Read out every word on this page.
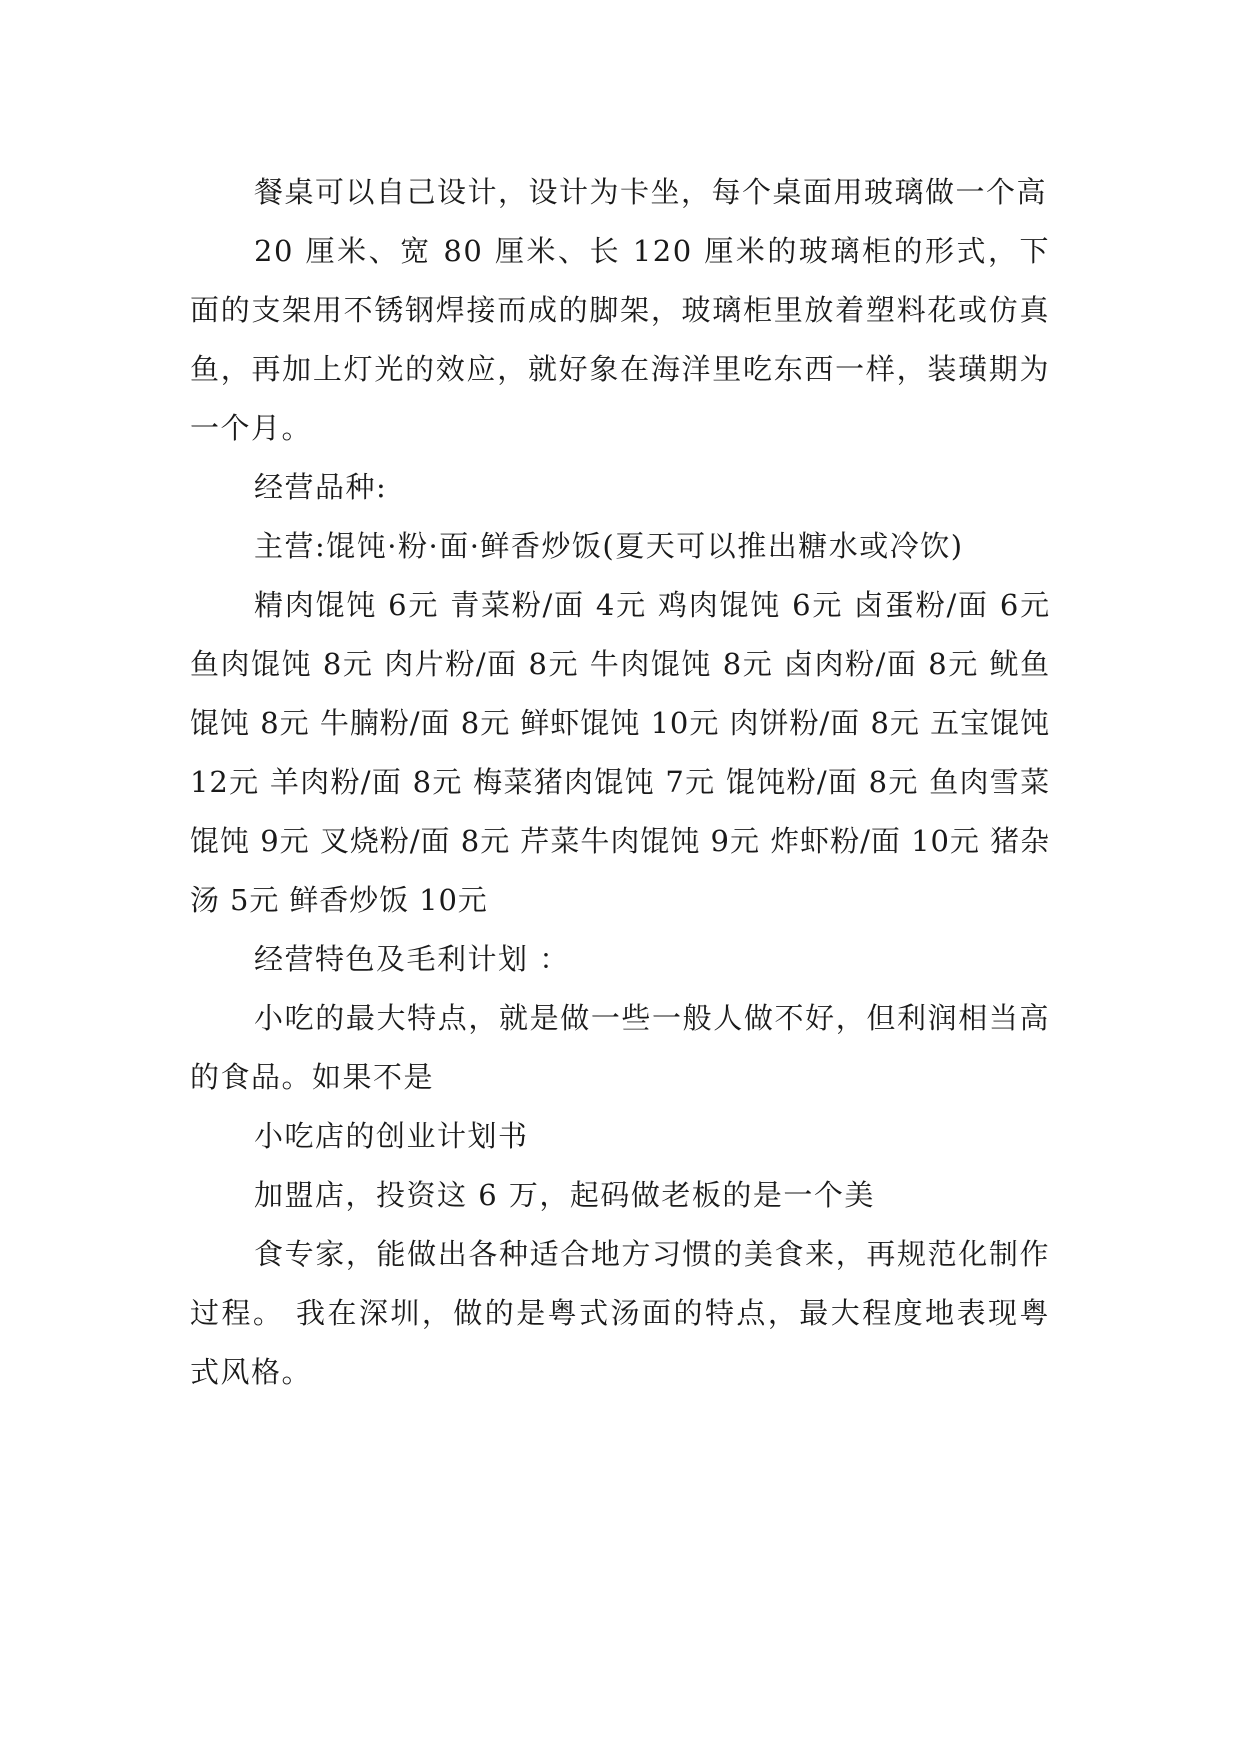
餐桌可以自己设计，设计为卡坐，每个桌面用玻璃做一个高

20 厘米、宽 80 厘米、长 120 厘米的玻璃柜的形式，下面的支架用不锈钢焊接而成的脚架，玻璃柜里放着塑料花或仿真鱼，再加上灯光的效应，就好象在海洋里吃东西一样，装璜期为一个月。

经营品种:

主营:馄饨·粉·面·鲜香炒饭(夏天可以推出糖水或冷饮)

精肉馄饨 6元 青菜粉/面 4元 鸡肉馄饨 6元 卤蛋粉/面 6元 鱼肉馄饨 8元 肉片粉/面 8元 牛肉馄饨 8元 卤肉粉/面 8元 鱿鱼馄饨 8元 牛腩粉/面 8元 鲜虾馄饨 10元 肉饼粉/面 8元 五宝馄饨 12元 羊肉粉/面 8元 梅菜猪肉馄饨 7元 馄饨粉/面 8元 鱼肉雪菜馄饨 9元 叉烧粉/面 8元 芹菜牛肉馄饨 9元 炸虾粉/面 10元 猪杂汤 5元 鲜香炒饭 10元

经营特色及毛利计划 ：

小吃的最大特点，就是做一些一般人做不好，但利润相当高的食品。如果不是

小吃店的创业计划书

加盟店，投资这 6 万，起码做老板的是一个美

食专家，能做出各种适合地方习惯的美食来，再规范化制作过程。 我在深圳，做的是粤式汤面的特点，最大程度地表现粤式风格。
